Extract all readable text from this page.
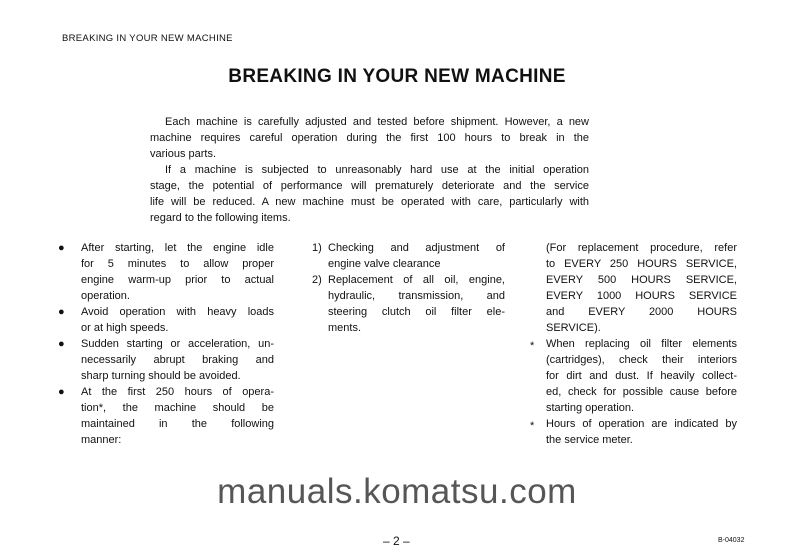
BREAKING IN YOUR NEW MACHINE
BREAKING IN YOUR NEW MACHINE
Each machine is carefully adjusted and tested before shipment. However, a new
machine requires careful operation during the first 100 hours to break in the
various parts.
If a machine is subjected to unreasonably hard use at the initial operation
stage, the potential of performance will prematurely deteriorate and the service
life will be reduced. A new machine must be operated with care, particularly with
regard to the following items.
● After starting, let the engine idle
for 5 minutes to allow proper
engine warm-up prior to actual
operation.
● Avoid operation with heavy loads
or at high speeds.
● Sudden starting or acceleration, un-
necessarily abrupt braking and
sharp turning should be avoided.
● At the first 250 hours of opera-
tion*, the machine should be
maintained in the following
manner:
1) Checking and adjustment of
engine valve clearance
2) Replacement of all oil, engine,
hydraulic, transmission, and
steering clutch oil filter ele-
ments.
(For replacement procedure, refer
to EVERY 250 HOURS SERVICE,
EVERY 500 HOURS SERVICE,
EVERY 1000 HOURS SERVICE
and EVERY 2000 HOURS
SERVICE).
* When replacing oil filter elements
(cartridges), check their interiors
for dirt and dust. If heavily collect-
ed, check for possible cause before
starting operation.
* Hours of operation are indicated by
the service meter.
manuals.komatsu.com
– 2 –	B-04032
